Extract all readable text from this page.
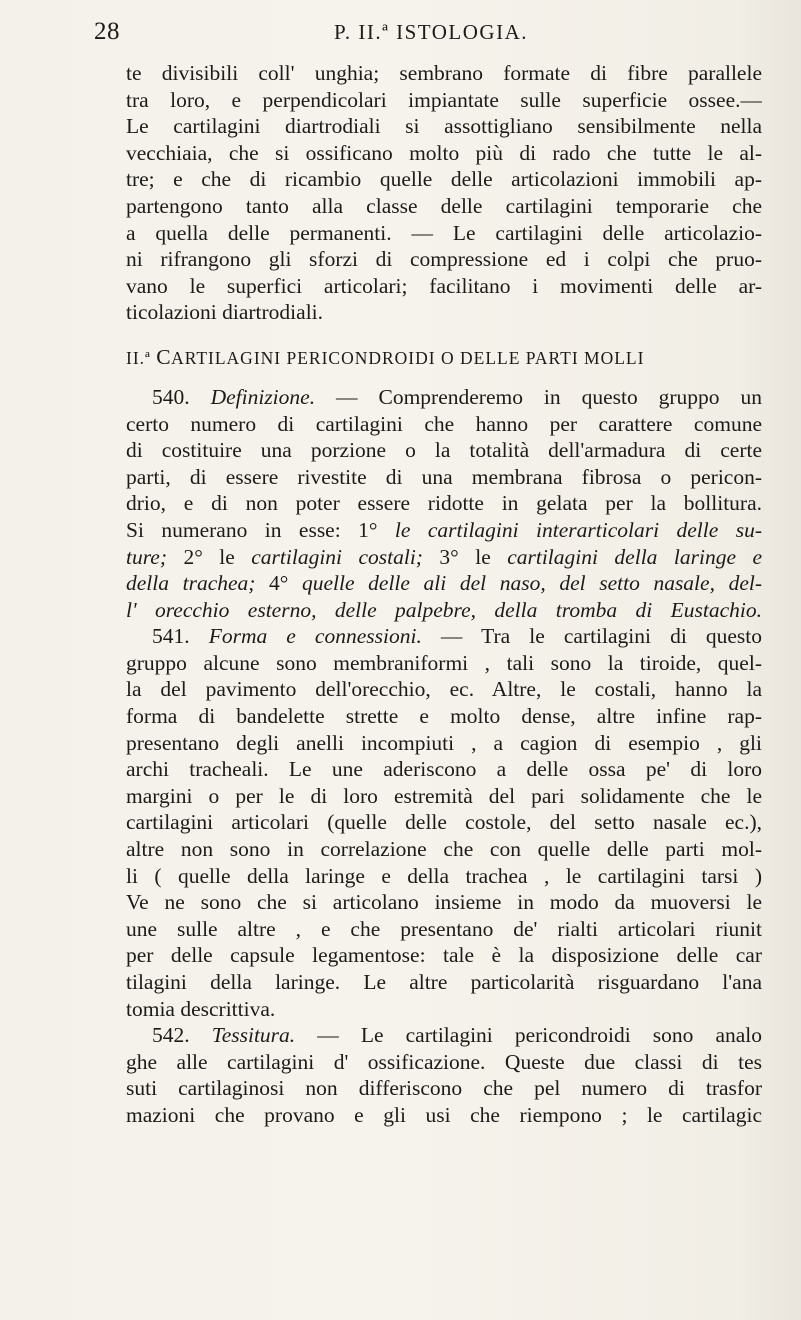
28	P. II.ª ISTOLOGIA.
te divisibili coll' unghia; sembrano formate di fibre parallele
tra loro, e perpendicolari impiantate sulle superficie ossee.—
Le cartilagini diartrodiali si assottigliano sensibilmente nella
vecchiaia, che si ossificano molto più di rado che tutte le al-
tre; e che di ricambio quelle delle articolazioni immobili ap-
partengono tanto alla classe delle cartilagini temporarie che
a quella delle permanenti. — Le cartilagini delle articolazio-
ni rifrangono gli sforzi di compressione ed i colpi che pruo-
vano le superfici articolari; facilitano i movimenti delle ar-
ticolazioni diartrodiali.
II.ª CARTILAGINI PERICONDROIDI O DELLE PARTI MOLLI
540. Definizione. — Comprenderemo in questo gruppo un
certo numero di cartilagini che hanno per carattere comune
di costituire una porzione o la totalità dell'armadura di certe
parti, di essere rivestite di una membrana fibrosa o pericon-
drio, e di non poter essere ridotte in gelata per la bollitura.
Si numerano in esse: 1° le cartilagini interarticolari delle su-
ture; 2° le cartilagini costali; 3° le cartilagini della laringe e
della trachea; 4° quelle delle ali del naso, del setto nasale, del-
l' orecchio esterno, delle palpebre, della tromba di Eustachio.
541. Forma e connessioni. — Tra le cartilagini di questo
gruppo alcune sono membraniformi , tali sono la tiroide, quel-
la del pavimento dell'orecchio, ec. Altre, le costali, hanno la
forma di bandelette strette e molto dense, altre infine rap-
presentano degli anelli incompiuti , a cagion di esempio , gli
archi tracheali. Le une aderiscono a delle ossa pe' di loro
margini o per le di loro estremità del pari solidamente che le
cartilagini articolari (quelle delle costole, del setto nasale ec.),
altre non sono in correlazione che con quelle delle parti mol-
li ( quelle della laringe e della trachea , le cartilagini tarsi )
Ve ne sono che si articolano insieme in modo da muoversi le
une sulle altre , e che presentano de' rialti articolari riunit
per delle capsule legamentose: tale è la disposizione delle car
tilagini della laringe. Le altre particolarità risguardano l'ana
tomia descrittiva.
542. Tessitura. — Le cartilagini pericondroidi sono analo
ghe alle cartilagini d' ossificazione. Queste due classi di tes
suti cartilaginosi non differiscono che pel numero di trasfor
mazioni che provano e gli usi che riempono ; le cartilagic
